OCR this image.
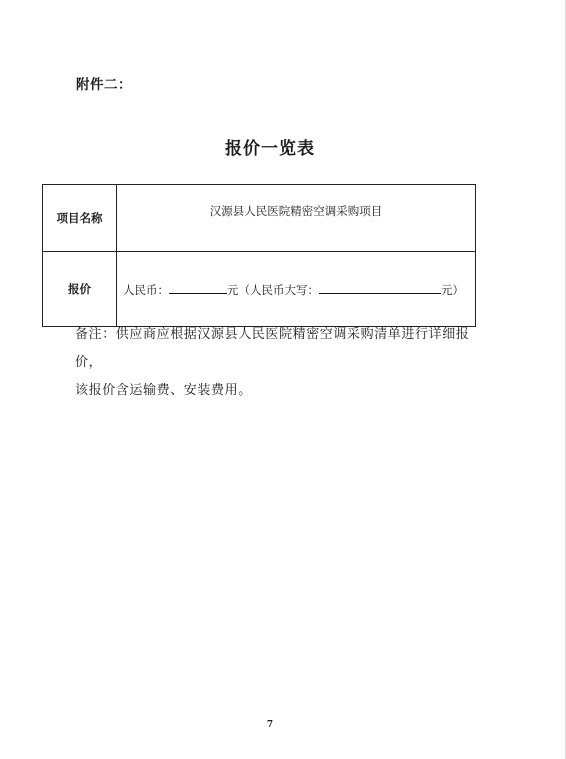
附件二：
报价一览表
项目名称	汉源县人民医院精密空调采购项目
报价	人民币： 元（人民币大写： 元）
备注：供应商应根据汉源县人民医院精密空调采购清单进行详细报价，
该报价含运输费、安装费用。
7
